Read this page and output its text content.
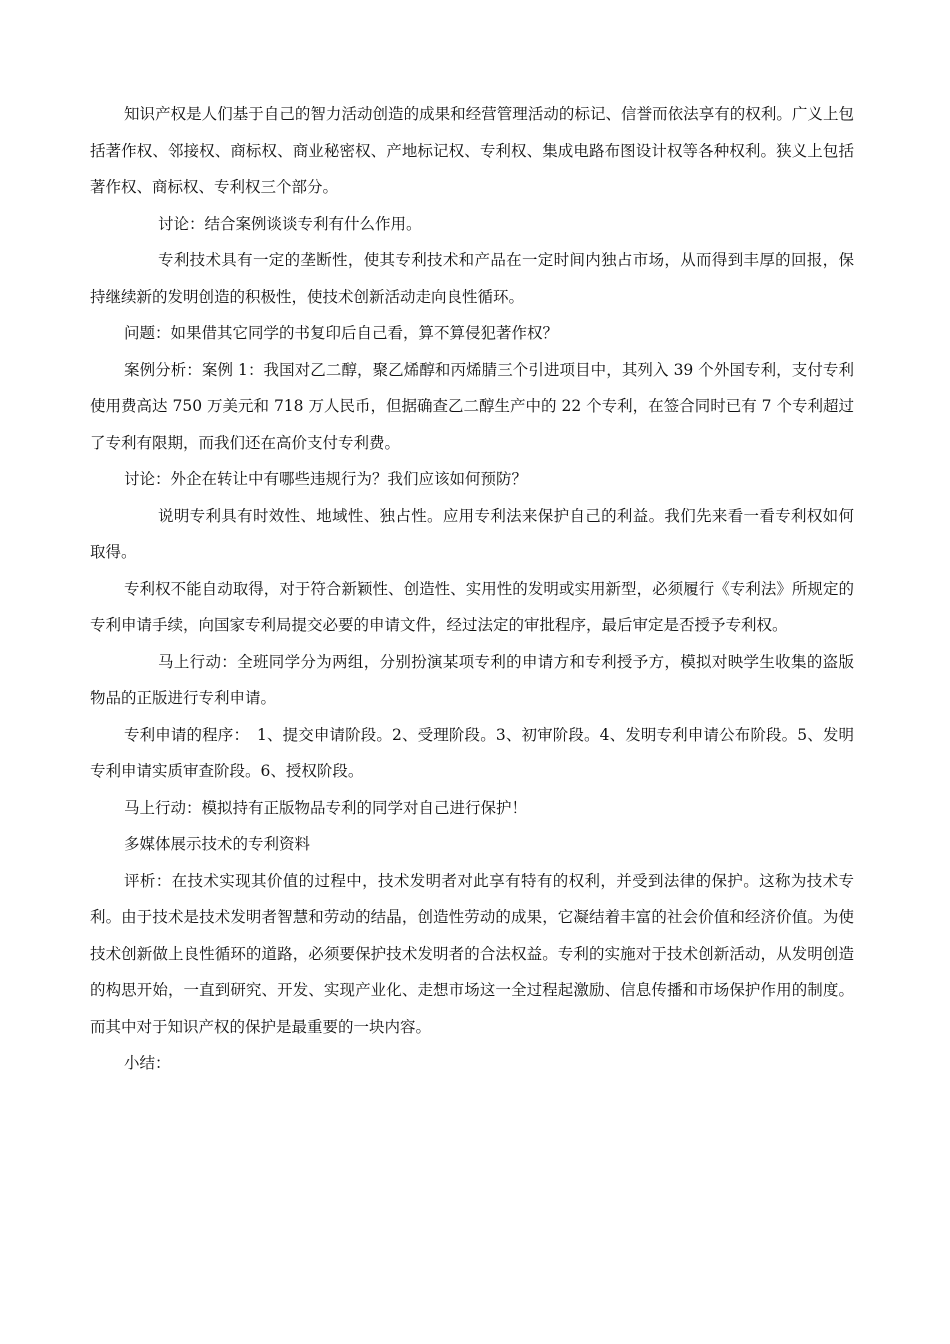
知识产权是人们基于自己的智力活动创造的成果和经营管理活动的标记、信誉而依法享有的权利。广义上包括著作权、邻接权、商标权、商业秘密权、产地标记权、专利权、集成电路布图设计权等各种权利。狭义上包括著作权、商标权、专利权三个部分。

讨论：结合案例谈谈专利有什么作用。

专利技术具有一定的垄断性，使其专利技术和产品在一定时间内独占市场，从而得到丰厚的回报，保持继续新的发明创造的积极性，使技术创新活动走向良性循环。

问题：如果借其它同学的书复印后自己看，算不算侵犯著作权？

案例分析：案例 1：我国对乙二醇，聚乙烯醇和丙烯腈三个引进项目中，其列入 39 个外国专利，支付专利使用费高达 750 万美元和 718 万人民币，但据确查乙二醇生产中的 22 个专利，在签合同时已有 7 个专利超过了专利有限期，而我们还在高价支付专利费。

讨论：外企在转让中有哪些违规行为？我们应该如何预防？

说明专利具有时效性、地域性、独占性。应用专利法来保护自己的利益。我们先来看一看专利权如何取得。

专利权不能自动取得，对于符合新颖性、创造性、实用性的发明或实用新型，必须履行《专利法》所规定的专利申请手续，向国家专利局提交必要的申请文件，经过法定的审批程序，最后审定是否授予专利权。

马上行动：全班同学分为两组，分别扮演某项专利的申请方和专利授予方，模拟对映学生收集的盗版物品的正版进行专利申请。

专利申请的程序：　1、提交申请阶段。2、受理阶段。3、初审阶段。4、发明专利申请公布阶段。5、发明专利申请实质审查阶段。6、授权阶段。

马上行动：模拟持有正版物品专利的同学对自己进行保护！

多媒体展示技术的专利资料

评析：在技术实现其价值的过程中，技术发明者对此享有特有的权利，并受到法律的保护。这称为技术专利。由于技术是技术发明者智慧和劳动的结晶，创造性劳动的成果，它凝结着丰富的社会价值和经济价值。为使技术创新做上良性循环的道路，必须要保护技术发明者的合法权益。专利的实施对于技术创新活动，从发明创造的构思开始，一直到研究、开发、实现产业化、走想市场这一全过程起激励、信息传播和市场保护作用的制度。而其中对于知识产权的保护是最重要的一块内容。

小结：
